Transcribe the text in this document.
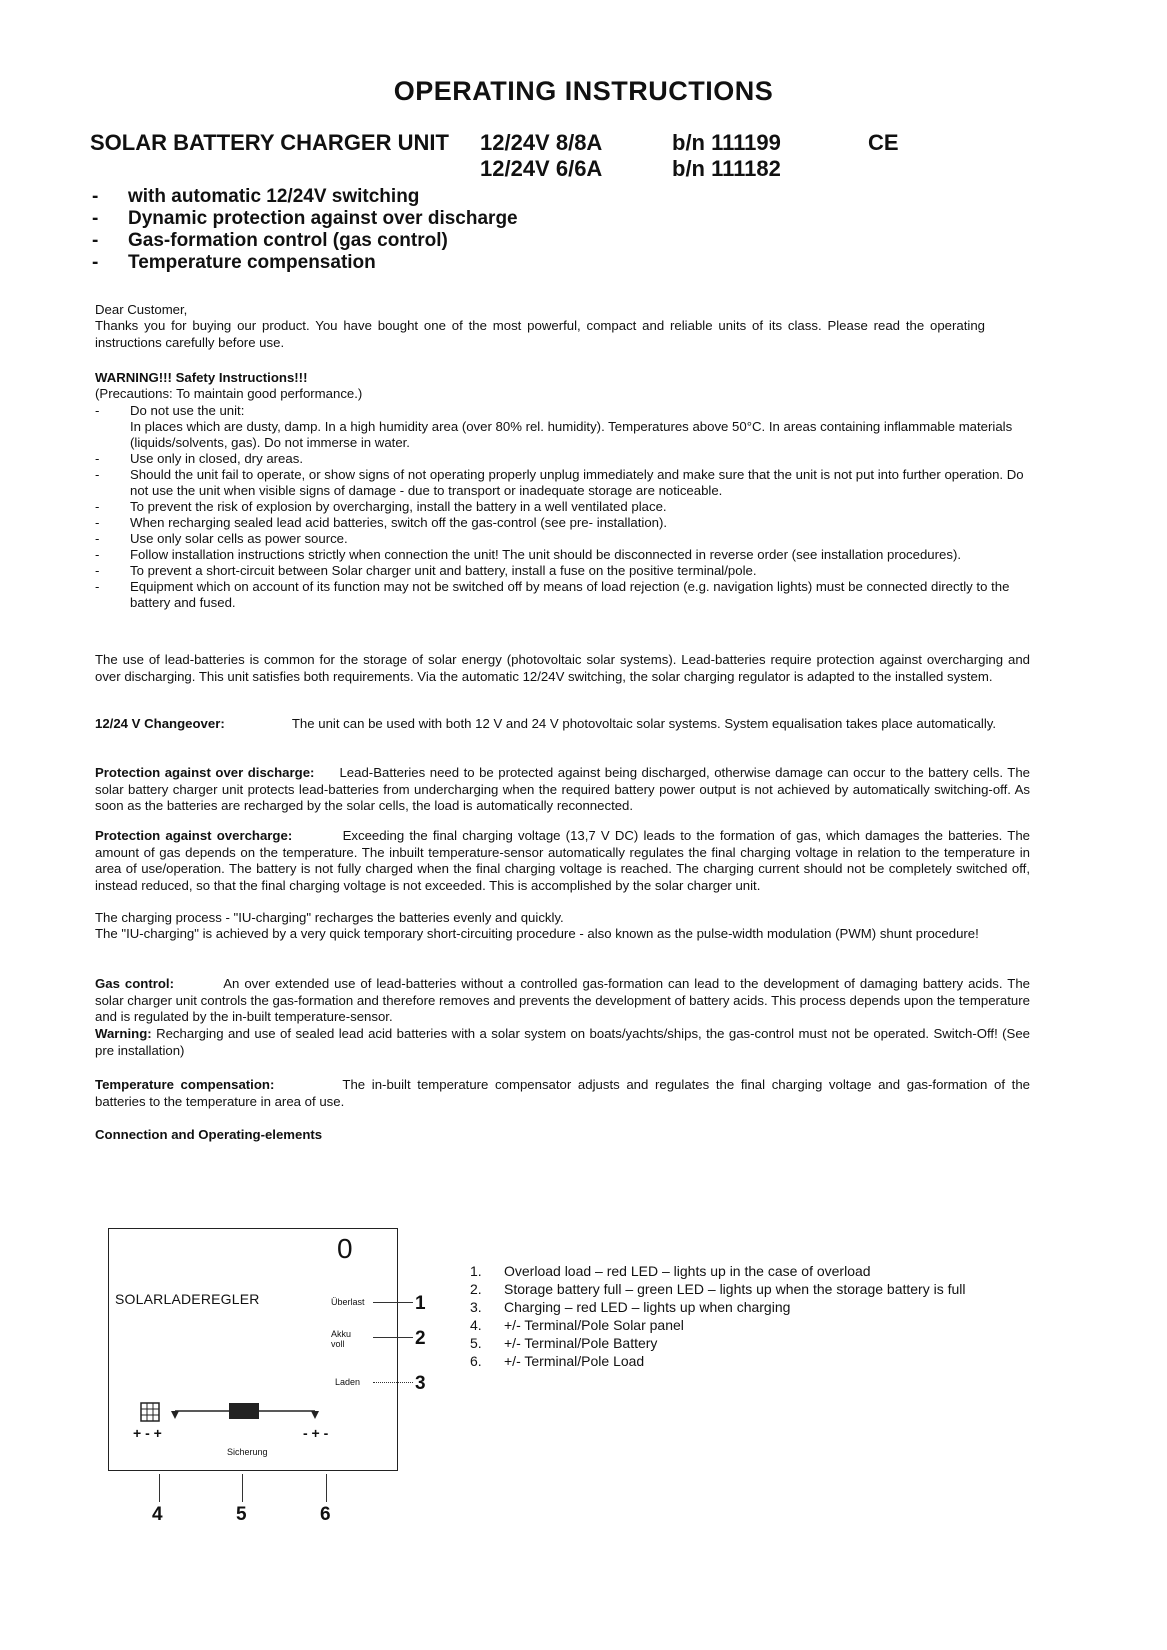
OPERATING INSTRUCTIONS
SOLAR BATTERY CHARGER UNIT 12/24V 8/8A	b/n 111199
12/24V 6/6A	b/n 111182
CE
- with automatic 12/24V switching
- Dynamic protection against over discharge
- Gas-formation control (gas control)
- Temperature compensation
Dear Customer,
Thanks you for buying our product. You have bought one of the most powerful, compact and reliable units of its class. Please read the operating instructions carefully before use.
WARNING!!! Safety Instructions!!!
(Precautions: To maintain good performance.)
- Do not use the unit:
In places which are dusty, damp. In a high humidity area (over 80% rel. humidity). Temperatures above 50°C. In areas containing inflammable materials (liquids/solvents, gas). Do not immerse in water.
- Use only in closed, dry areas.
- Should the unit fail to operate, or show signs of not operating properly unplug immediately and make sure that the unit is not put into further operation. Do not use the unit when visible signs of damage - due to transport or inadequate storage are noticeable.
- To prevent the risk of explosion by overcharging, install the battery in a well ventilated place.
- When recharging sealed lead acid batteries, switch off the gas-control (see pre- installation).
- Use only solar cells as power source.
- Follow installation instructions strictly when connection the unit! The unit should be disconnected in reverse order (see installation procedures).
- To prevent a short-circuit between Solar charger unit and battery, install a fuse on the positive terminal/pole.
- Equipment which on account of its function may not be switched off by means of load rejection (e.g. navigation lights) must be connected directly to the battery and fused.
The use of lead-batteries is common for the storage of solar energy (photovoltaic solar systems). Lead-batteries require protection against overcharging and over discharging. This unit satisfies both requirements. Via the automatic 12/24V switching, the solar charging regulator is adapted to the installed system.
12/24 V Changeover:	The unit can be used with both 12 V and 24 V photovoltaic solar systems. System equalisation takes place automatically.
Protection against over discharge: Lead-Batteries need to be protected against being discharged, otherwise damage can occur to the battery cells. The solar battery charger unit protects lead-batteries from undercharging when the required battery power output is not achieved by automatically switching-off. As soon as the batteries are recharged by the solar cells, the load is automatically reconnected.
Protection against overcharge:	Exceeding the final charging voltage (13,7 V DC) leads to the formation of gas, which damages the batteries. The amount of gas depends on the temperature. The inbuilt temperature-sensor automatically regulates the final charging voltage in relation to the temperature in area of use/operation. The battery is not fully charged when the final charging voltage is reached. The charging current should not be completely switched off, instead reduced, so that the final charging voltage is not exceeded. This is accomplished by the solar charger unit.
The charging process - "IU-charging" recharges the batteries evenly and quickly.
The "IU-charging" is achieved by a very quick temporary short-circuiting procedure - also known as the pulse-width modulation (PWM) shunt procedure!
Gas control:	An over extended use of lead-batteries without a controlled gas-formation can lead to the development of damaging battery acids. The solar charger unit controls the gas-formation and therefore removes and prevents the development of battery acids. This process depends upon the temperature and is regulated by the in-built temperature-sensor.
Warning: Recharging and use of sealed lead acid batteries with a solar system on boats/yachts/ships, the gas-control must not be operated. Switch-Off! (See pre installation)
Temperature compensation:	The in-built temperature compensator adjusts and regulates the final charging voltage and gas-formation of the batteries to the temperature in area of use.
Connection and Operating-elements
0
SOLARLADEREGLER	Überlast
Akku
voll
Laden
1
2
3
+ - +	- + -
Sicherung
4	5	6
1. Overload load – red LED – lights up in the case of overload
2. Storage battery full – green LED – lights up when the storage battery is full
3. Charging – red LED – lights up when charging
4. +/- Terminal/Pole Solar panel
5. +/- Terminal/Pole Battery
6. +/- Terminal/Pole Load
